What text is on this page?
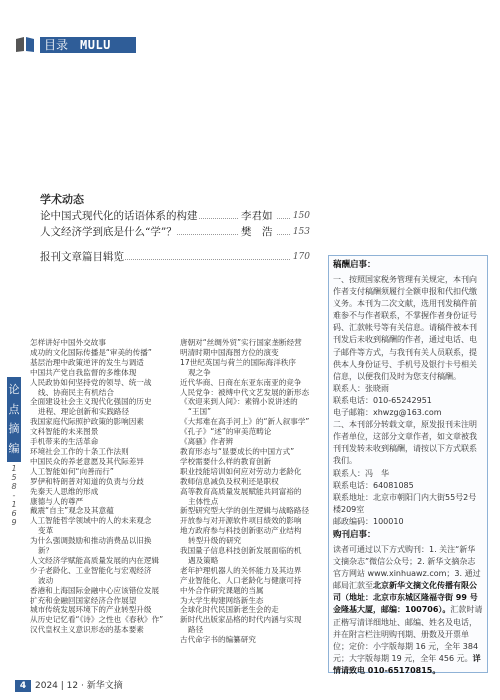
目录 MULU
学术动态
论中国式现代化的话语体系的构建	李君如	150
人文经济学到底是什么“学”？	樊　浩	153
报刊文章篇目辑览	170
稿酬启事：

一、按照国家税务管理有关规定，本刊向作者支付稿酬须履行全额申报和代扣代缴义务。本刊为二次文献，选用刊发稿件前难参不与作者联系，不掌握作者身份证号码、汇款帐号等有关信息。请稿件被本刊刊发后未收到稿酬的作者，通过电话、电子邮件等方式，与我刊有关人员联系，提供本人身份证号、手机号及银行卡号相关信息，以便我们及时为您支付稿酬。

联系人：张晓雨

联系电话：010-65242951

电子邮箱：xhwzg@163.com

二、本刊部分转载文章，原发报刊未注明作者单位，这部分文章作者，如文章被我刊刊发转未收到稿酬，请按以下方式联系我们。

联系人：冯　华

联系电话：64081085

联系地址：北京市朝阳门内大街55号2号楼209室

邮政编码：100010

购刊启事：

读者可通过以下方式购刊：1. 关注“新华文摘杂志”微信公众号；2. 新华文摘杂志官方网站 www.xinhuawz.com；3. 通过邮局汇款至北京新华文摘文化传播有限公司（地址：北京市东城区隆福寺街 99 号金隆基大厦，邮编：100706）。汇款时请正楷写清详细地址、邮编、姓名及电话，并在附言栏注明购刊期、册数及开票单位；定价：小字版每期 16 元，全年 384 元；大字版每期 19 元，全年 456 元。详情请致电 010-65170815。

论
点
摘
编
1
5
8
-
1
6
9

怎样讲好中国外交故事

成功的文化国际传播是“审美的传播”

基层治理中政策逆评的发生与调适

中国共产党自我监督的多维体现

人民政协如何坚持党的领导、统一战

线、协商民主有机结合

全面建设社会主义现代化强国的历史

进程、理论创新和实践路径

我国家庭代际照护政策的影响因素

文科智能的未来图景

手机带来的生活革命

环境社会工作的十条工作法则

中国民众的养老意愿及其代际差异

人工智能如何“向善而行”

罗伊和特朗普对知道的负责与分歧

先秦天人思维的形成

康德与人的尊严

戴震“自主”观念及其意蕴

人工智能哲学领域中的人的未来观念

变革

为什么强调鼓励和推动消费品以旧换

新？

人文经济学赋能高质量发展的内在逻辑

少子老龄化、工业智能化与宏观经济

波动

香港和上海国际金融中心应该错位发展

扩充和金融回国家经济合作展望

城市传统发展环境下的产业转型升级

从历史记忆看“《诗》之性也《春秋》作”

汉代皇权主义意识形态的基本要素

唐朝对“丝绸外贸”实行国家垄断经营

明清时期中国海图方位的演变

17世纪英国与荷兰的国际海洋秩序

观之争

近代华商、日商在东亚东南亚的竞争

人民党争：被缚中代文艺发展的新形态

《欢迎来到人间》：素锦小说讲述的

“王国”

《大邦难在高手河上》的“新人叙事学”

《孔子》“述”的审美范畴论

《离骚》作者辨

教育形态与“显要成长的中国方式”

学校需要什么样的教育创新

职业技能培训如何应对劳动力老龄化

教师信息减负及权利还是职权

高等教育高质量发展赋能共同富裕的

主体性点

新型研究型大学的创生逻辑与战略路径

开放参与对开源软件项目绩效的影响

地方政府参与科技创新驱动产业结构

转型升级的研究

我国量子信息科技创新发展面临的机

遇及策略

老年护理机器人的关怀能力及其边界

产业智能化、人口老龄化与健康可持

中外合作研究课题的当属

为大学生构建网络新生态

全球化时代民国新老生会的走

新时代出版家品格的时代内涵与实现

路径

古代命字书的编纂研究

4 2024 | 12 · 新华文摘
